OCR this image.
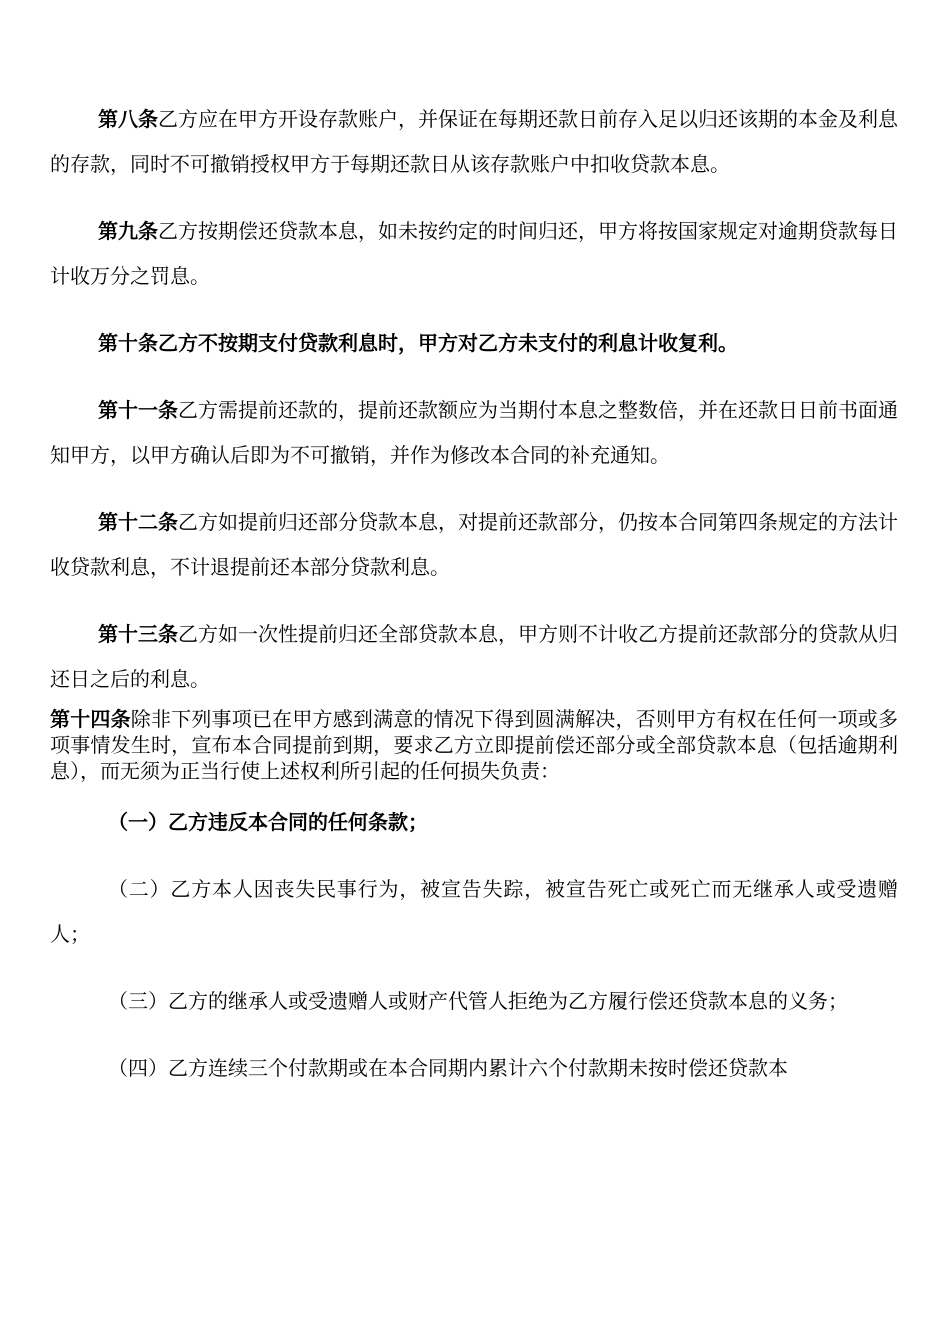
第八条乙方应在甲方开设存款账户，并保证在每期还款日前存入足以归还该期的本金及利息的存款，同时不可撤销授权甲方于每期还款日从该存款账户中扣收贷款本息。

第九条乙方按期偿还贷款本息，如未按约定的时间归还，甲方将按国家规定对逾期贷款每日计收万分之罚息。

第十条乙方不按期支付贷款利息时，甲方对乙方未支付的利息计收复利。

第十一条乙方需提前还款的，提前还款额应为当期付本息之整数倍，并在还款日日前书面通知甲方，以甲方确认后即为不可撤销，并作为修改本合同的补充通知。

第十二条乙方如提前归还部分贷款本息，对提前还款部分，仍按本合同第四条规定的方法计收贷款利息，不计退提前还本部分贷款利息。

第十三条乙方如一次性提前归还全部贷款本息，甲方则不计收乙方提前还款部分的贷款从归还日之后的利息。

第十四条除非下列事项已在甲方感到满意的情况下得到圆满解决，否则甲方有权在任何一项或多项事情发生时，宣布本合同提前到期，要求乙方立即提前偿还部分或全部贷款本息（包括逾期利息），而无须为正当行使上述权利所引起的任何损失负责：

（一）乙方违反本合同的任何条款；

（二）乙方本人因丧失民事行为，被宣告失踪，被宣告死亡或死亡而无继承人或受遗赠人；

（三）乙方的继承人或受遗赠人或财产代管人拒绝为乙方履行偿还贷款本息的义务；

（四）乙方连续三个付款期或在本合同期内累计六个付款期未按时偿还贷款本
